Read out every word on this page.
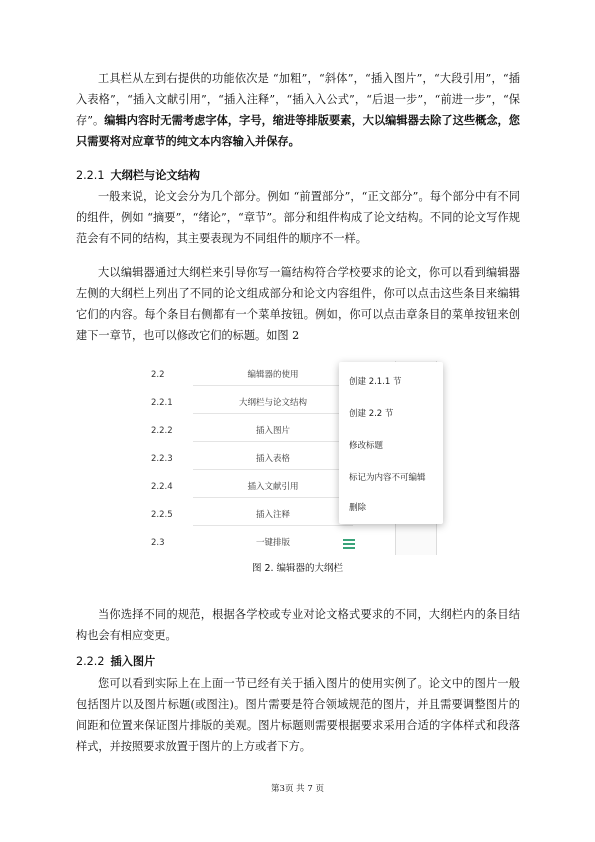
工具栏从左到右提供的功能依次是 “加粗”，“斜体”，“插入图片”，“大段引用”，“插入表格”，“插入文献引用”，“插入注释”，“插入入公式”，“后退一步”，“前进一步”，“保存”。编辑内容时无需考虑字体，字号，缩进等排版要素，大以编辑器去除了这些概念，您只需要将对应章节的纯文本内容输入并保存。

2.2.1 大纲栏与论文结构

一般来说，论文会分为几个部分。例如 “前置部分”，“正文部分”。每个部分中有不同的组件，例如 “摘要”，“绪论”，“章节”。部分和组件构成了论文结构。不同的论文写作规范会有不同的结构，其主要表现为不同组件的顺序不一样。

大以编辑器通过大纲栏来引导你写一篇结构符合学校要求的论文，你可以看到编辑器左侧的大纲栏上列出了不同的论文组成部分和论文内容组件，你可以点击这些条目来编辑它们的内容。每个条目右侧都有一个菜单按钮。例如，你可以点击章条目的菜单按钮来创建下一章节，也可以修改它们的标题。如图 2

2.2	编辑器的使用
2.2.1	大纲栏与论文结构
2.2.2	插入图片
2.2.3	插入表格
2.2.4	插入文献引用
2.2.5	插入注释
2.3	一键排版
创建 2.1.1 节
创建 2.2 节
修改标题
标记为内容不可编辑
删除

图 2. 编辑器的大纲栏

当你选择不同的规范，根据各学校或专业对论文格式要求的不同，大纲栏内的条目结构也会有相应变更。

2.2.2 插入图片

您可以看到实际上在上面一节已经有关于插入图片的使用实例了。论文中的图片一般包括图片以及图片标题(或图注)。图片需要是符合领域规范的图片，并且需要调整图片的间距和位置来保证图片排版的美观。图片标题则需要根据要求采用合适的字体样式和段落样式，并按照要求放置于图片的上方或者下方。

第3页 共 7 页
